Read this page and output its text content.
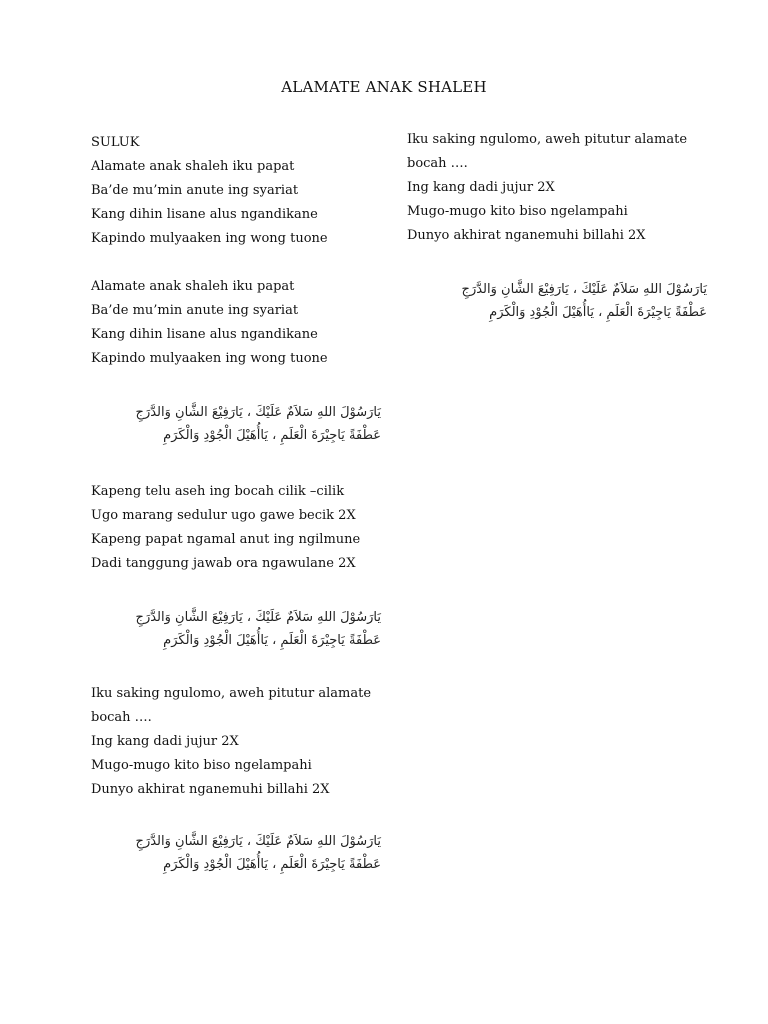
ALAMATE ANAK SHALEH
SULUK
Alamate anak shaleh iku papat
Ba’de mu’min anute ing syariat
Kang dihin lisane alus ngandikane
Kapindo mulyaaken ing wong tuone
Alamate anak shaleh iku papat
Ba’de mu’min anute ing syariat
Kang dihin lisane alus ngandikane
Kapindo mulyaaken ing wong tuone
يَارَسُوْلَ اللهِ سَلاَمٌ عَلَيْكَ ، يَارَفِيْعَ الشَّانِ وَالدَّرَجِ
عَطْفَةً يَاجِيْرَةَ الْعَلَمِ ، يَاأُهَيْلَ الْجُوْدِ وَالْكَرَمِ
Kapeng telu aseh ing bocah cilik –cilik
Ugo marang sedulur ugo gawe becik 2X
Kapeng papat ngamal anut ing ngilmune
Dadi tanggung jawab ora ngawulane 2X
يَارَسُوْلَ اللهِ سَلاَمٌ عَلَيْكَ ، يَارَفِيْعَ الشَّانِ وَالدَّرَجِ
عَطْفَةً يَاجِيْرَةَ الْعَلَمِ ، يَاأُهَيْلَ الْجُوْدِ وَالْكَرَمِ
Iku saking ngulomo, aweh pitutur alamate
bocah ….
Ing kang dadi jujur 2X
Mugo-mugo kito biso ngelampahi
Dunyo akhirat nganemuhi billahi 2X
يَارَسُوْلَ اللهِ سَلاَمٌ عَلَيْكَ ، يَارَفِيْعَ الشَّانِ وَالدَّرَجِ
عَطْفَةً يَاجِيْرَةَ الْعَلَمِ ، يَاأُهَيْلَ الْجُوْدِ وَالْكَرَمِ
Iku saking ngulomo, aweh pitutur alamate
bocah ….
Ing kang dadi jujur 2X
Mugo-mugo kito biso ngelampahi
Dunyo akhirat nganemuhi billahi 2X
يَارَسُوْلَ اللهِ سَلاَمٌ عَلَيْكَ ، يَارَفِيْعَ الشَّانِ وَالدَّرَجِ
عَطْفَةً يَاجِيْرَةَ الْعَلَمِ ، يَاأُهَيْلَ الْجُوْدِ وَالْكَرَمِ
